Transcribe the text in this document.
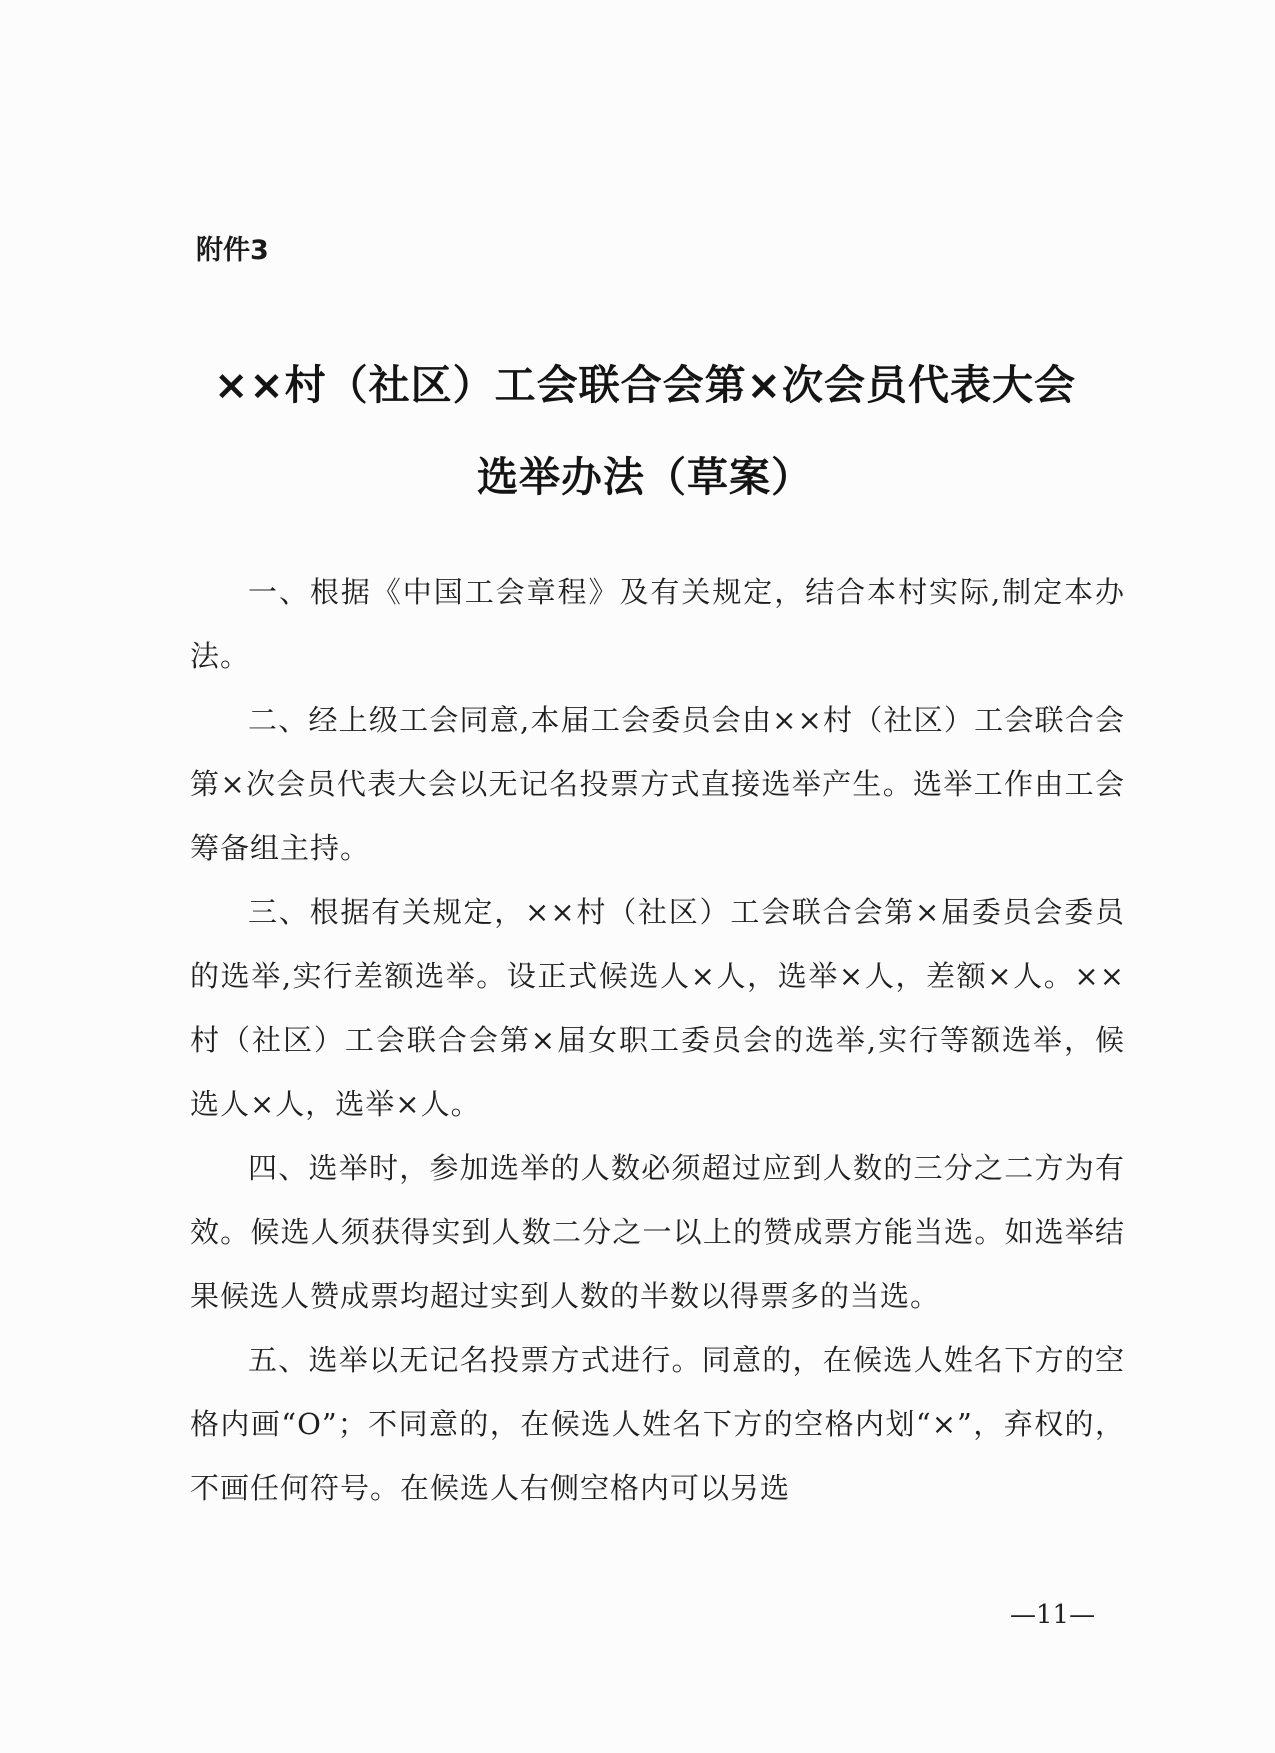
附件3
××村（社区）工会联合会第×次会员代表大会
选举办法（草案）

一、根据《中国工会章程》及有关规定，结合本村实际,制定本办法。

二、经上级工会同意,本届工会委员会由××村（社区）工会联合会第×次会员代表大会以无记名投票方式直接选举产生。选举工作由工会筹备组主持。

三、根据有关规定，××村（社区）工会联合会第×届委员会委员的选举,实行差额选举。设正式候选人×人，选举×人，差额×人。××村（社区）工会联合会第×届女职工委员会的选举,实行等额选举，候选人×人，选举×人。

四、选举时，参加选举的人数必须超过应到人数的三分之二方为有效。候选人须获得实到人数二分之一以上的赞成票方能当选。如选举结果候选人赞成票均超过实到人数的半数以得票多的当选。

五、选举以无记名投票方式进行。同意的，在候选人姓名下方的空格内画“O”；不同意的，在候选人姓名下方的空格内划“×”，弃权的，不画任何符号。在候选人右侧空格内可以另选

—11—
